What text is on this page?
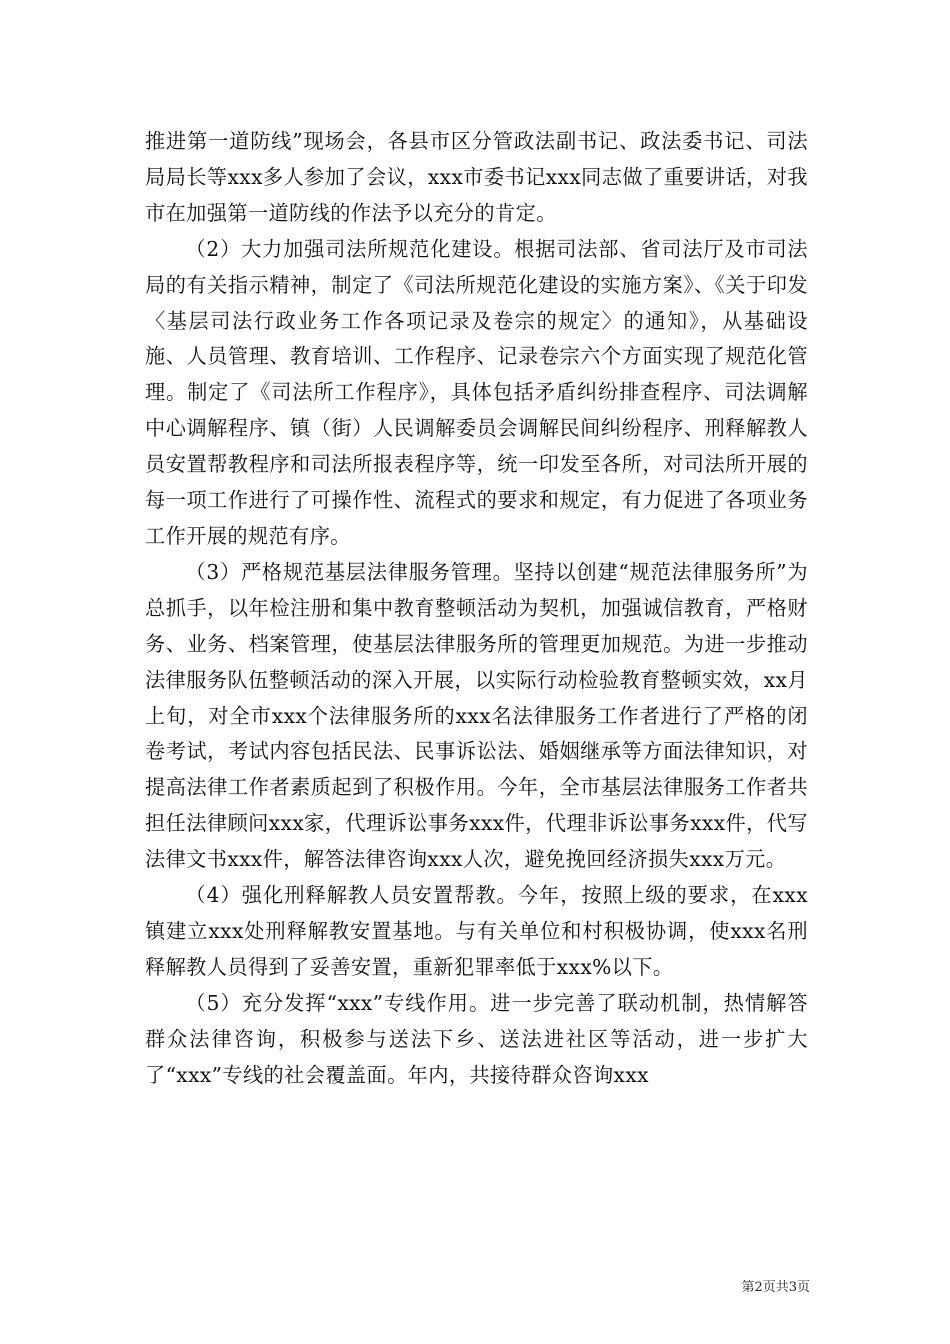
推进第一道防线”现场会，各县市区分管政法副书记、政法委书记、司法局局长等xxx多人参加了会议，xxx市委书记xxx同志做了重要讲话，对我市在加强第一道防线的作法予以充分的肯定。

（2）大力加强司法所规范化建设。根据司法部、省司法厅及市司法局的有关指示精神，制定了《司法所规范化建设的实施方案》、《关于印发〈基层司法行政业务工作各项记录及卷宗的规定〉的通知》，从基础设施、人员管理、教育培训、工作程序、记录卷宗六个方面实现了规范化管理。制定了《司法所工作程序》，具体包括矛盾纠纷排查程序、司法调解中心调解程序、镇（街）人民调解委员会调解民间纠纷程序、刑释解教人员安置帮教程序和司法所报表程序等，统一印发至各所，对司法所开展的每一项工作进行了可操作性、流程式的要求和规定，有力促进了各项业务工作开展的规范有序。

（3）严格规范基层法律服务管理。坚持以创建“规范法律服务所”为总抓手，以年检注册和集中教育整顿活动为契机，加强诚信教育，严格财务、业务、档案管理，使基层法律服务所的管理更加规范。为进一步推动法律服务队伍整顿活动的深入开展，以实际行动检验教育整顿实效，xx月上旬，对全市xxx个法律服务所的xxx名法律服务工作者进行了严格的闭卷考试，考试内容包括民法、民事诉讼法、婚姻继承等方面法律知识，对提高法律工作者素质起到了积极作用。今年，全市基层法律服务工作者共担任法律顾问xxx家，代理诉讼事务xxx件，代理非诉讼事务xxx件，代写法律文书xxx件，解答法律咨询xxx人次，避免挽回经济损失xxx万元。

（4）强化刑释解教人员安置帮教。今年，按照上级的要求，在xxx镇建立xxx处刑释解教安置基地。与有关单位和村积极协调，使xxx名刑释解教人员得到了妥善安置，重新犯罪率低于xxx%以下。

（5）充分发挥“xxx”专线作用。进一步完善了联动机制，热情解答群众法律咨询，积极参与送法下乡、送法进社区等活动，进一步扩大了“xxx”专线的社会覆盖面。年内，共接待群众咨询xxx

第2页共3页
